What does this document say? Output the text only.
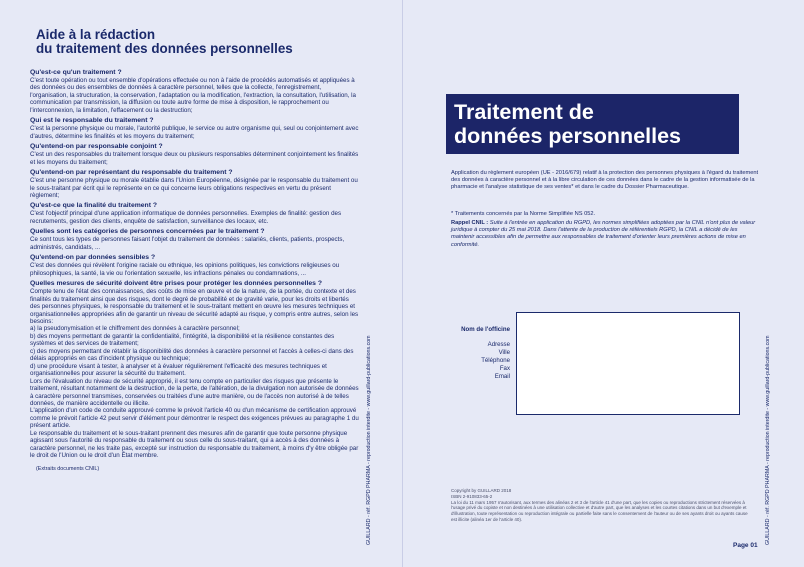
Aide à la rédaction
du traitement des données personnelles
Qu'est-ce qu'un traitement ?
C'est toute opération ou tout ensemble d'opérations effectuée ou non à l'aide de procédés automatisés et appliquées à des données ou des ensembles de données à caractère personnel, telles que la collecte, l'enregistrement, l'organisation, la structuration, la conservation, l'adaptation ou la modification, l'extraction, la consultation, l'utilisation, la communication par transmission, la diffusion ou toute autre forme de mise à disposition, le rapprochement ou l'interconnexion, la limitation, l'effacement ou la destruction;
Qui est le responsable du traitement ?
C'est la personne physique ou morale, l'autorité publique, le service ou autre organisme qui, seul ou conjointement avec d'autres, détermine les finalités et les moyens du traitement;
Qu'entend-on par responsable conjoint ?
C'est un des responsables du traitement lorsque deux ou plusieurs responsables déterminent conjointement les finalités et les moyens du traitement;
Qu'entend-on par représentant du responsable du traitement ?
C'est une personne physique ou morale établie dans l'Union Européenne, désignée par le responsable du traitement ou le sous-traitant par écrit qui le représente en ce qui concerne leurs obligations respectives en vertu du présent règlement;
Qu'est-ce que la finalité du traitement ?
C'est l'objectif principal d'une application informatique de données personnelles. Exemples de finalité: gestion des recrutements, gestion des clients, enquête de satisfaction, surveillance des locaux, etc.
Quelles sont les catégories de personnes concernées par le traitement ?
Ce sont tous les types de personnes faisant l'objet du traitement de données : salariés, clients, patients, prospects, administrés, candidats, ...
Qu'entend-on par données sensibles ?
C'est des données qui révèlent l'origine raciale ou ethnique, les opinions politiques, les convictions religieuses ou philosophiques, la santé, la vie ou l'orientation sexuelle, les infractions pénales ou condamnations, ...
Quelles mesures de sécurité doivent être prises pour protéger les données personnelles ?

Compte tenu de l'état des connaissances, des coûts de mise en œuvre et de la nature, de la portée, du contexte et des finalités du traitement ainsi que des risques, dont le degré de probabilité et de gravité varie, pour les droits et libertés des personnes physiques, le responsable du traitement et le sous-traitant mettent en œuvre les mesures techniques et organisationnelles appropriées afin de garantir un niveau de sécurité adapté au risque, y compris entre autres, selon les besoins:

a) la pseudonymisation et le chiffrement des données à caractère personnel;

b) des moyens permettant de garantir la confidentialité, l'intégrité, la disponibilité et la résilience constantes des systèmes et des services de traitement;

c) des moyens permettant de rétablir la disponibilité des données à caractère personnel et l'accès à celles-ci dans des délais appropriés en cas d'incident physique ou technique;

d) une procédure visant à tester, à analyser et à évaluer régulièrement l'efficacité des mesures techniques et organisationnelles pour assurer la sécurité du traitement.

Lors de l'évaluation du niveau de sécurité approprié, il est tenu compte en particulier des risques que présente le traitement, résultant notamment de la destruction, de la perte, de l'altération, de la divulgation non autorisée de données à caractère personnel transmises, conservées ou traitées d'une autre manière, ou de l'accès non autorisé à de telles données, de manière accidentelle ou illicite.

L'application d'un code de conduite approuvé comme le prévoit l'article 40 ou d'un mécanisme de certification approuvé comme le prévoit l'article 42 peut servir d'élément pour démontrer le respect des exigences prévues au paragraphe 1 du présent article.

Le responsable du traitement et le sous-traitant prennent des mesures afin de garantir que toute personne physique agissant sous l'autorité du responsable du traitement ou sous celle du sous-traitant, qui a accès à des données à caractère personnel, ne les traite pas, excepté sur instruction du responsable du traitement, à moins d'y être obligée par le droit de l'Union ou le droit d'un État membre.

(Extraits documents CNIL)	GUILLARD - réf. RGPD PHARMA - reproduction interdite - www.guillard-publications.com
Traitement de
données personnelles
Application du règlement européen (UE - 2016/679) relatif à la protection des personnes physiques à l'égard du traitement des données à caractère personnel et à la libre circulation de ces données dans le cadre de la gestion informatisée de la pharmacie et l'analyse statistique de ses ventes* et dans le cadre du Dossier Pharmaceutique.
* Traitements concernés par la Norme Simplifiée NS 052.
Rappel CNIL : Suite à l'entrée en application du RGPD, les normes simplifiées adoptées par la CNIL n'ont plus de valeur juridique à compter du 25 mai 2018. Dans l'attente de la production de référentiels RGPD, la CNIL a décidé de les maintenir accessibles afin de permettre aux responsables de traitement d'orienter leurs premières actions de mise en conformité.
Nom de l'officine
Adresse
Ville
Téléphone
Fax
Email

Copyright by GUILLARD 2018

ISBN 2-910833-65-2

La loi du 11 mars 1957 n'autorisant, aux termes des alinéas 2 et 3 de l'article 41 d'une part, que les copies ou reproductions strictement réservées à l'usage privé du copiste et non destinées à une utilisation collective et d'autre part, que les analyses et les courtes citations dans un but d'exemple et d'illustration, toute représentation ou reproduction intégrale ou partielle faite sans le consentement de l'auteur ou de ses ayants droit ou ayants cause est illicite (alinéa 1er de l'article 40).

Page 01
GUILLARD - réf. RGPD PHARMA - reproduction interdite - www.guillard-publications.com
